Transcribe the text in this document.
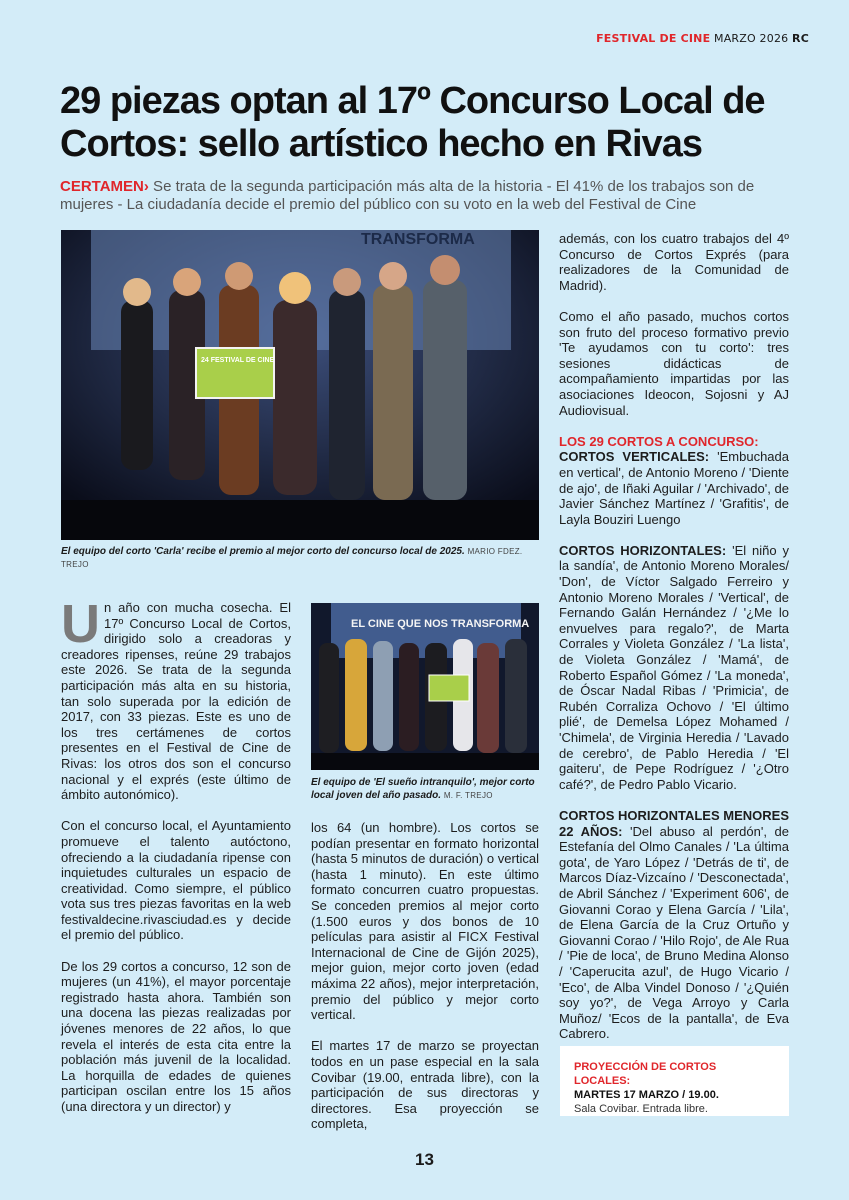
FESTIVAL DE CINE MARZO 2026 RC
29 piezas optan al 17º Concurso Local de Cortos: sello artístico hecho en Rivas
CERTAMEN› Se trata de la segunda participación más alta de la historia - El 41% de los trabajos son de mujeres - La ciudadanía decide el premio del público con su voto en la web del Festival de Cine
TRANSFORMA
24 FESTIVAL DE CINE
El equipo del corto 'Carla' recibe el premio al mejor corto del concurso local de 2025. MARIO FDEZ. TREJO
EL CINE QUE NOS TRANSFORMA
El equipo de 'El sueño intranquilo', mejor corto local joven del año pasado. M. F. TREJO

Un año con mucha cosecha. El 17º Concurso Local de Cortos, dirigido solo a creadoras y creadores ripenses, reúne 29 trabajos este 2026. Se trata de la segunda participación más alta en su historia, tan solo superada por la edición de 2017, con 33 piezas. Este es uno de los tres certámenes de cortos presentes en el Festival de Cine de Rivas: los otros dos son el concurso nacional y el exprés (este último de ámbito autonómico).

Con el concurso local, el Ayuntamiento promueve el talento autóctono, ofreciendo a la ciudadanía ripense con inquietudes culturales un espacio de creatividad. Como siempre, el público vota sus tres piezas favoritas en la web festivaldecine.rivasciudad.es y decide el premio del público.

De los 29 cortos a concurso, 12 son de mujeres (un 41%), el mayor porcentaje registrado hasta ahora. También son una docena las piezas realizadas por jóvenes menores de 22 años, lo que revela el interés de esta cita entre la población más juvenil de la localidad. La horquilla de edades de quienes participan oscilan entre los 15 años (una directora y un director) y

los 64 (un hombre). Los cortos se podían presentar en formato horizontal (hasta 5 minutos de duración) o vertical (hasta 1 minuto). En este último formato concurren cuatro propuestas. Se conceden premios al mejor corto (1.500 euros y dos bonos de 10 películas para asistir al FICX Festival Internacional de Cine de Gijón 2025), mejor guion, mejor corto joven (edad máxima 22 años), mejor interpretación, premio del público y mejor corto vertical.

El martes 17 de marzo se proyectan todos en un pase especial en la sala Covibar (19.00, entrada libre), con la participación de sus directoras y directores. Esa proyección se completa,

además, con los cuatro trabajos del 4º Concurso de Cortos Exprés (para realizadores de la Comunidad de Madrid).

Como el año pasado, muchos cortos son fruto del proceso formativo previo 'Te ayudamos con tu corto': tres sesiones didácticas de acompañamiento impartidas por las asociaciones Ideocon, Sojosni y AJ Audiovisual.

LOS 29 CORTOS A CONCURSO:
CORTOS VERTICALES: 'Embuchada en vertical', de Antonio Moreno / 'Diente de ajo', de Iñaki Aguilar / 'Archivado', de Javier Sánchez Martínez / 'Grafitis', de Layla Bouziri Luengo

CORTOS HORIZONTALES: 'El niño y la sandía', de Antonio Moreno Morales/ 'Don', de Víctor Salgado Ferreiro y Antonio Moreno Morales / 'Vertical', de Fernando Galán Hernández / '¿Me lo envuelves para regalo?', de Marta Corrales y Violeta González / 'La lista', de Violeta González / 'Mamá', de Roberto Español Gómez / 'La moneda', de Óscar Nadal Ribas / 'Primicia', de Rubén Corraliza Ochovo / 'El último plié', de Demelsa López Mohamed / 'Chimela', de Virginia Heredia / 'Lavado de cerebro', de Pablo Heredia / 'El gaiteru', de Pepe Rodríguez / '¿Otro café?', de Pedro Pablo Vicario.

CORTOS HORIZONTALES MENORES 22 AÑOS: 'Del abuso al perdón', de Estefanía del Olmo Canales / 'La última gota', de Yaro López / 'Detrás de ti', de Marcos Díaz-Vizcaíno / 'Desconectada', de Abril Sánchez / 'Experiment 606', de Giovanni Corao y Elena García / 'Lila', de Elena García de la Cruz Ortuño y Giovanni Corao / 'Hilo Rojo', de Ale Rua / 'Pie de loca', de Bruno Medina Alonso / 'Caperucita azul', de Hugo Vicario / 'Eco', de Alba Vindel Donoso / '¿Quién soy yo?', de Vega Arroyo y Carla Muñoz/ 'Ecos de la pantalla', de Eva Cabrero.

PROYECCIÓN DE CORTOS LOCALES:
MARTES 17 MARZO / 19.00.
Sala Covibar. Entrada libre.
13
